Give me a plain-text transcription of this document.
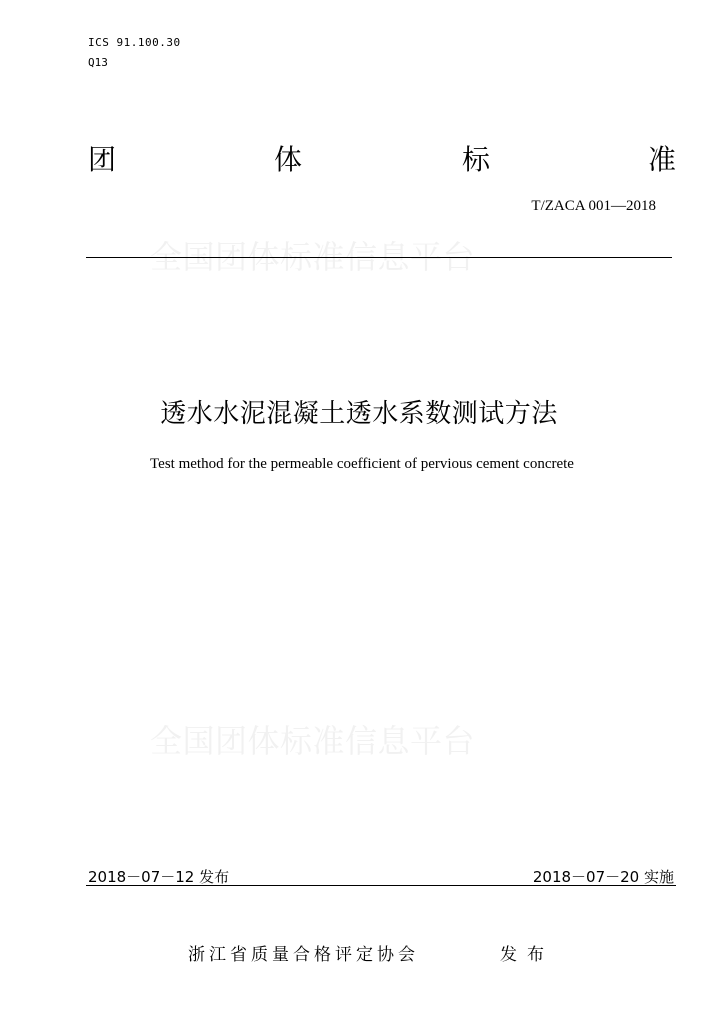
ICS 91.100.30
Q13
团	体	标	准
T/ZACA 001—2018
全国团体标准信息平台
透水水泥混凝土透水系数测试方法
Test method for the permeable coefficient of pervious cement concrete
全国团体标准信息平台
2018－07－12 发布	2018－07－20 实施
浙江省质量合格评定协会	发布
